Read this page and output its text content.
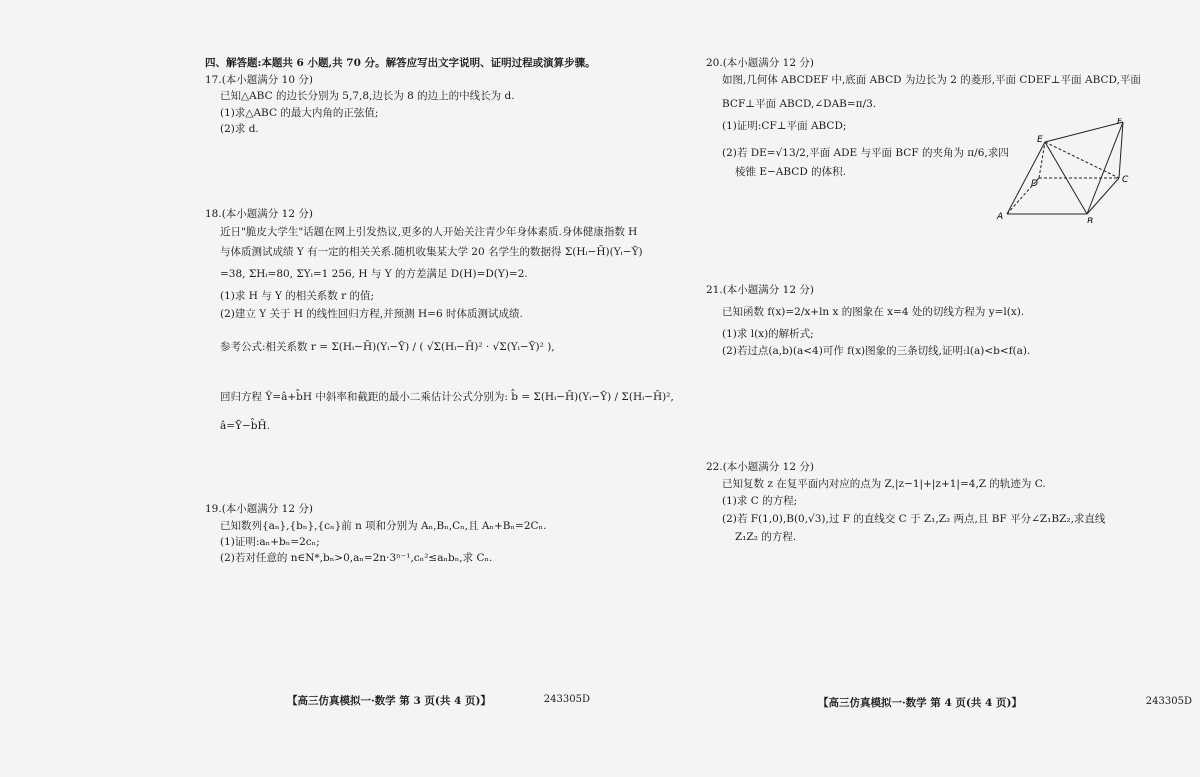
四、解答题:本题共 6 小题,共 70 分。解答应写出文字说明、证明过程或演算步骤。
17.(本小题满分 10 分)
已知△ABC 的边长分别为 5,7,8,边长为 8 的边上的中线长为 d.
(1)求△ABC 的最大内角的正弦值;
(2)求 d.
18.(本小题满分 12 分)
近日"脆皮大学生"话题在网上引发热议,更多的人开始关注青少年身体素质.身体健康指数 H
与体质测试成绩 Y 有一定的相关关系.随机收集某大学 20 名学生的数据得 Σ(Hᵢ−H̄)(Yᵢ−Ȳ)
=38, ΣHᵢ=80, ΣYᵢ=1 256, H 与 Y 的方差满足 D(H)=D(Y)=2.
(1)求 H 与 Y 的相关系数 r 的值;
(2)建立 Y 关于 H 的线性回归方程,并预测 H=6 时体质测试成绩.
参考公式:相关系数 r = Σ(Hᵢ−H̄)(Yᵢ−Ȳ) / ( √Σ(Hᵢ−H̄)² · √Σ(Yᵢ−Ȳ)² ),
回归方程 Ŷ=â+b̂H 中斜率和截距的最小二乘估计公式分别为: b̂ = Σ(Hᵢ−H̄)(Yᵢ−Ȳ) / Σ(Hᵢ−H̄)²,
â=Ȳ−b̂H̄.
19.(本小题满分 12 分)
已知数列{aₙ},{bₙ},{cₙ}前 n 项和分别为 Aₙ,Bₙ,Cₙ,且 Aₙ+Bₙ=2Cₙ.
(1)证明:aₙ+bₙ=2cₙ;
(2)若对任意的 n∈N*,bₙ>0,aₙ=2n·3ⁿ⁻¹,cₙ²≤aₙbₙ,求 Cₙ.
【高三仿真模拟一·数学 第 3 页(共 4 页)】	243305D
20.(本小题满分 12 分)
如图,几何体 ABCDEF 中,底面 ABCD 为边长为 2 的菱形,平面 CDEF⊥平面 ABCD,平面
BCF⊥平面 ABCD,∠DAB=π/3.
(1)证明:CF⊥平面 ABCD;
(2)若 DE=√13/2,平面 ADE 与平面 BCF 的夹角为 π/6,求四
棱锥 E−ABCD 的体积.
A	B
C
D
E
F
21.(本小题满分 12 分)
已知函数 f(x)=2/x+ln x 的图象在 x=4 处的切线方程为 y=l(x).
(1)求 l(x)的解析式;
(2)若过点(a,b)(a<4)可作 f(x)图象的三条切线,证明:l(a)<b<f(a).
22.(本小题满分 12 分)
已知复数 z 在复平面内对应的点为 Z,|z−1|+|z+1|=4,Z 的轨迹为 C.
(1)求 C 的方程;
(2)若 F(1,0),B(0,√3),过 F 的直线交 C 于 Z₁,Z₂ 两点,且 BF 平分∠Z₁BZ₂,求直线
Z₁Z₂ 的方程.
【高三仿真模拟一·数学 第 4 页(共 4 页)】	243305D
